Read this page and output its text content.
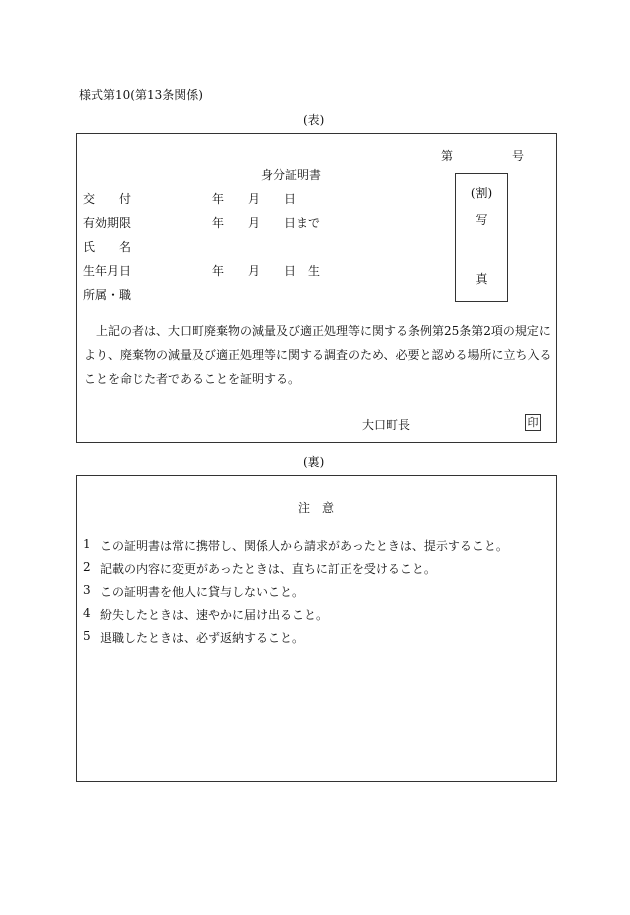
様式第10(第13条関係)
(表)
第	号
身分証明書
交　　付	年　　月　　日
有効期限	年　　月　　日まで
氏　　名
生年月日	年　　月　　日　生
所属・職
(割)
写
真
上記の者は、大口町廃棄物の減量及び適正処理等に関する条例第25条第2項の規定により、廃棄物の減量及び適正処理等に関する調査のため、必要と認める場所に立ち入ることを命じた者であることを証明する。
大口町長	印
(裏)
注　意
1 この証明書は常に携帯し、関係人から請求があったときは、提示すること。
2 記載の内容に変更があったときは、直ちに訂正を受けること。
3 この証明書を他人に貸与しないこと。
4 紛失したときは、速やかに届け出ること。
5 退職したときは、必ず返納すること。
